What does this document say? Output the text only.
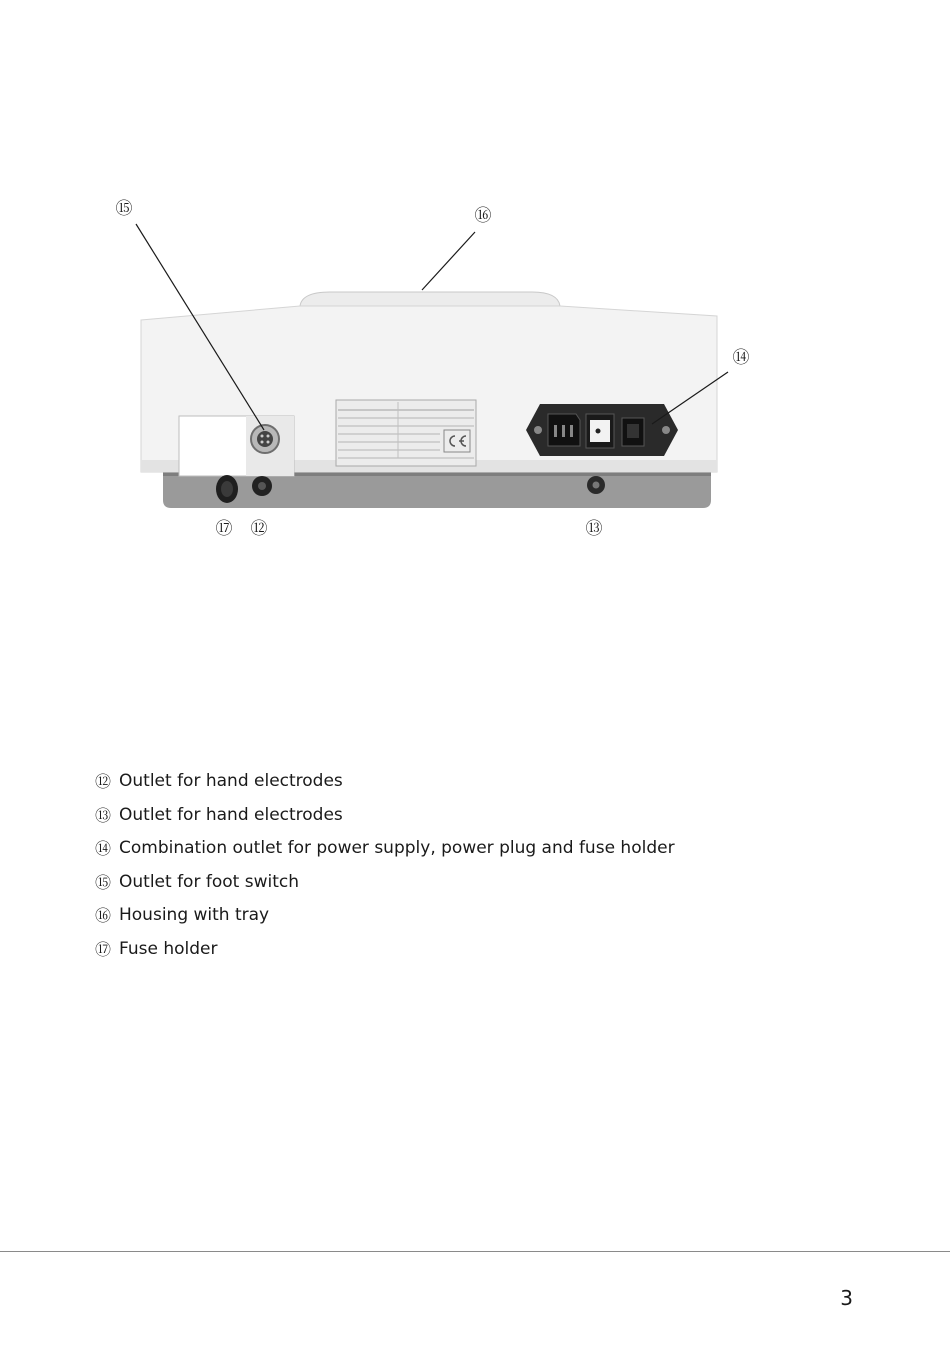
⑮	⑯
⑭
⑰ ⑫	⑬
⑫ Outlet for hand electrodes
⑬ Outlet for hand electrodes
⑭ Combination outlet for power supply, power plug and fuse holder
⑮ Outlet for foot switch
⑯ Housing with tray
⑰ Fuse holder
3
